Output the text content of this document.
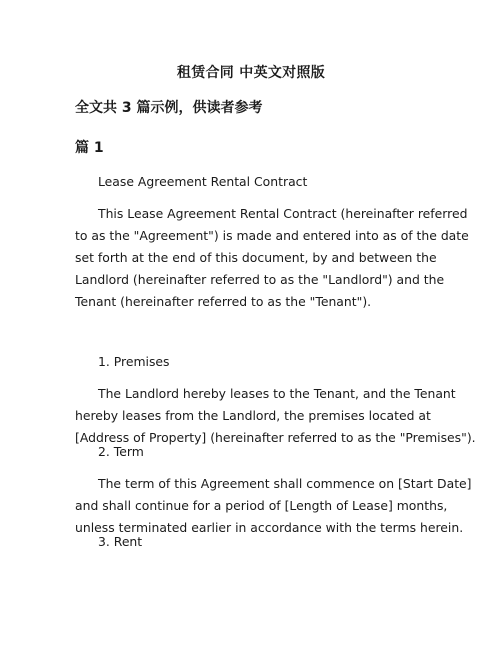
租赁合同 中英文对照版
全文共 3 篇示例，供读者参考
篇 1
Lease Agreement Rental Contract
This Lease Agreement Rental Contract (hereinafter referred
to as the "Agreement") is made and entered into as of the date
set forth at the end of this document, by and between the
Landlord (hereinafter referred to as the "Landlord") and the
Tenant (hereinafter referred to as the "Tenant").
1. Premises
The Landlord hereby leases to the Tenant, and the Tenant
hereby leases from the Landlord, the premises located at
[Address of Property] (hereinafter referred to as the "Premises").
2. Term
The term of this Agreement shall commence on [Start Date]
and shall continue for a period of [Length of Lease] months,
unless terminated earlier in accordance with the terms herein.
3. Rent
